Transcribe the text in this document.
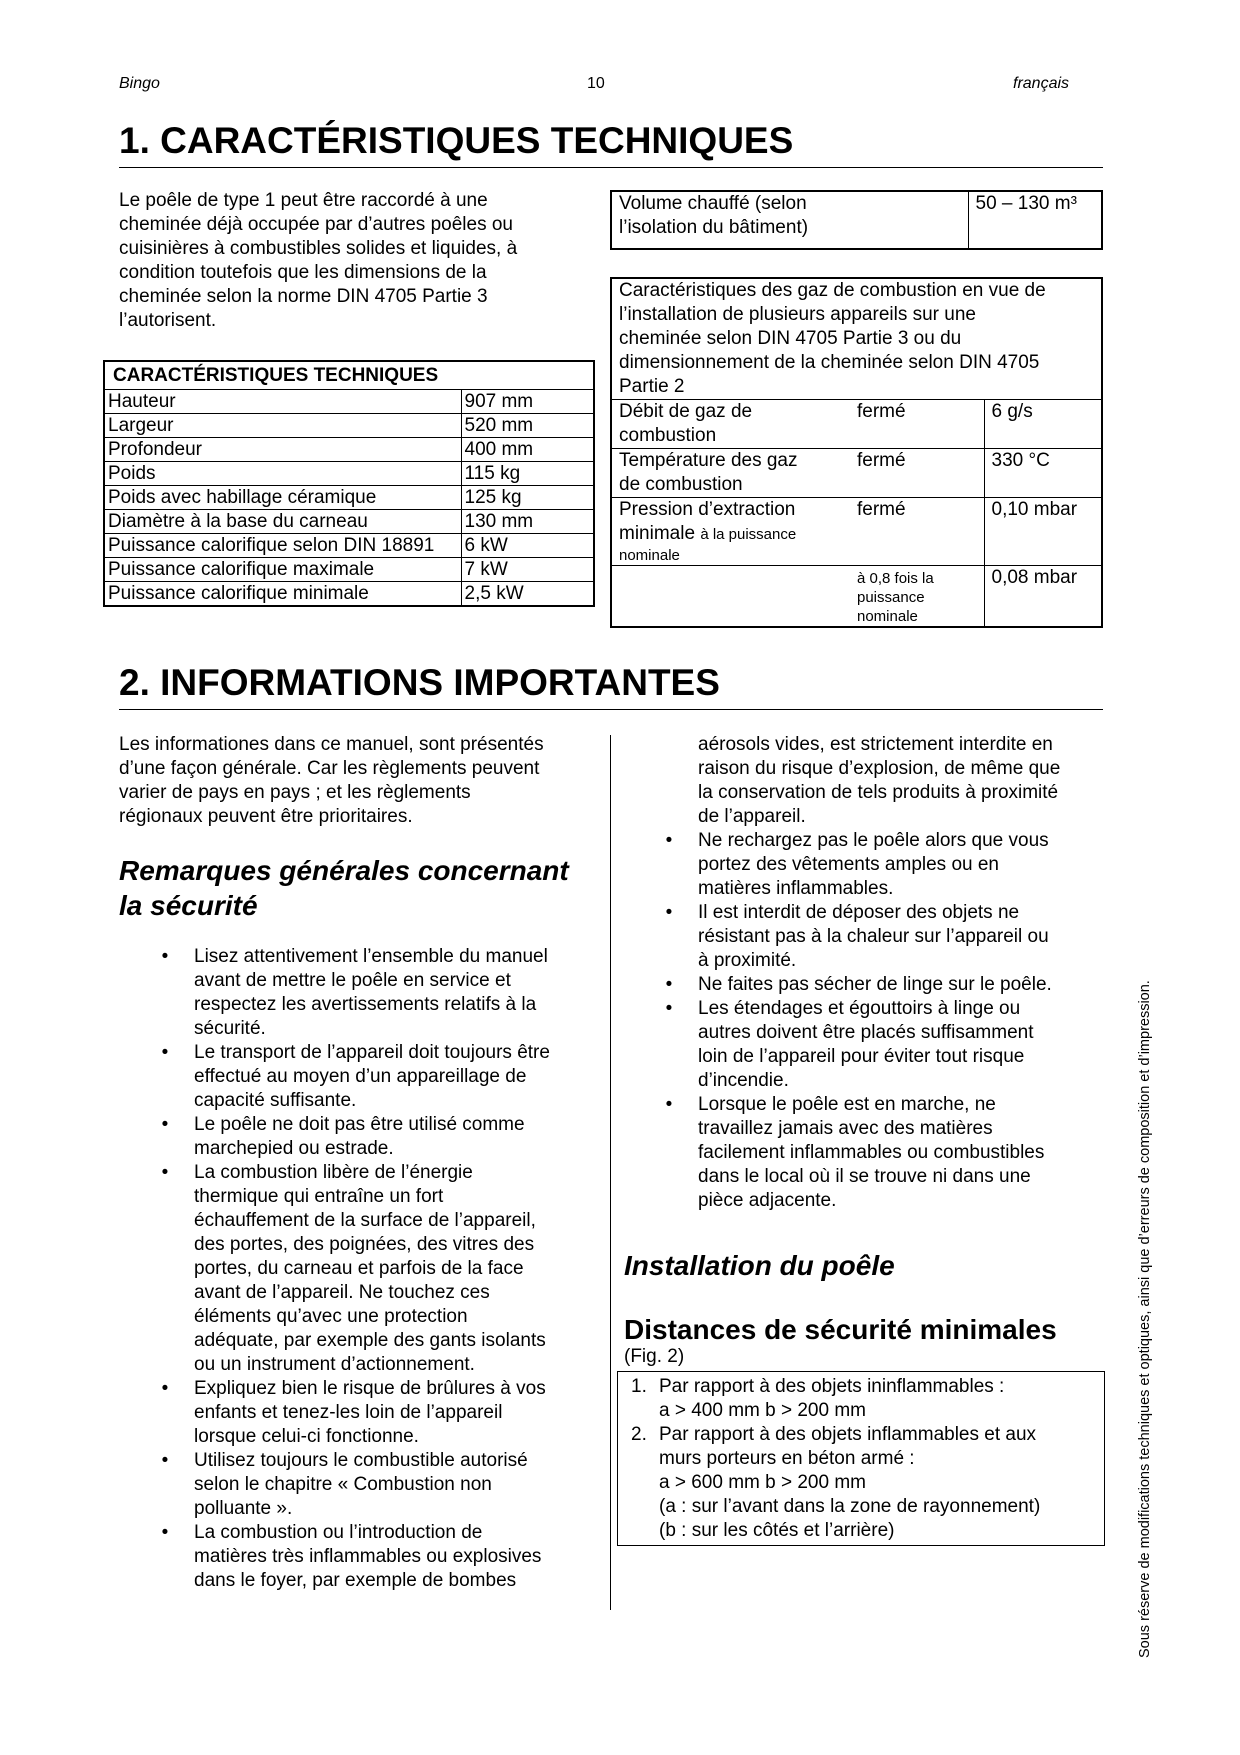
Bingo	10	français
1. CARACTÉRISTIQUES TECHNIQUES
Le poêle de type 1 peut être raccordé à une
cheminée déjà occupée par d’autres poêles ou
cuisinières à combustibles solides et liquides, à
condition toutefois que les dimensions de la
cheminée selon la norme DIN 4705 Partie 3
l’autorisent.
CARACTÉRISTIQUES TECHNIQUES	
Hauteur	907 mm
Largeur	520 mm
Profondeur	400 mm
Poids	115 kg
Poids avec habillage céramique	125 kg
Diamètre à la base du carneau	130 mm
Puissance calorifique selon DIN 18891	6 kW
Puissance calorifique maximale	7 kW
Puissance calorifique minimale	2,5 kW
Volume chauffé (selon
l’isolation du bâtiment)
	50 – 130 m³
Caractéristiques des gaz de combustion en vue de
l’installation de plusieurs appareils sur une
cheminée selon DIN 4705 Partie 3 ou du
dimensionnement de la cheminée selon DIN 4705
Partie 2		

Débit de gaz de
combustion	fermé	6 g/s

Température des gaz
de combustion	fermé	330 °C

Pression d’extraction
minimale à la puissance
nominale	fermé	0,10 mbar

	à 0,8 fois la
puissance
nominale	0,08 mbar
2. INFORMATIONS IMPORTANTES
Les informationes dans ce manuel, sont présentés
d’une façon générale. Car les règlements peuvent
varier de pays en pays ; et les règlements
régionaux peuvent être prioritaires.
Remarques générales concernant
la sécurité
• Lisez attentivement l’ensemble du manuel
avant de mettre le poêle en service et
respectez les avertissements relatifs à la
sécurité.
• Le transport de l’appareil doit toujours être
effectué au moyen d’un appareillage de
capacité suffisante.
• Le poêle ne doit pas être utilisé comme
marchepied ou estrade.
• La combustion libère de l’énergie
thermique qui entraîne un fort
échauffement de la surface de l’appareil,
des portes, des poignées, des vitres des
portes, du carneau et parfois de la face
avant de l’appareil. Ne touchez ces
éléments qu’avec une protection
adéquate, par exemple des gants isolants
ou un instrument d’actionnement.
• Expliquez bien le risque de brûlures à vos
enfants et tenez-les loin de l’appareil
lorsque celui-ci fonctionne.
• Utilisez toujours le combustible autorisé
selon le chapitre « Combustion non
polluante ».
• La combustion ou l’introduction de
matières très inflammables ou explosives
dans le foyer, par exemple de bombes
aérosols vides, est strictement interdite en
raison du risque d’explosion, de même que
la conservation de tels produits à proximité
de l’appareil.
• Ne rechargez pas le poêle alors que vous
portez des vêtements amples ou en
matières inflammables.
• Il est interdit de déposer des objets ne
résistant pas à la chaleur sur l’appareil ou
à proximité.
• Ne faites pas sécher de linge sur le poêle.
• Les étendages et égouttoirs à linge ou
autres doivent être placés suffisamment
loin de l’appareil pour éviter tout risque
d’incendie.
• Lorsque le poêle est en marche, ne
travaillez jamais avec des matières
facilement inflammables ou combustibles
dans le local où il se trouve ni dans une
pièce adjacente.
Installation du poêle
Distances de sécurité minimales
(Fig. 2)
1. Par rapport à des objets ininflammables :
a > 400 mm b > 200 mm
2. Par rapport à des objets inflammables et aux
murs porteurs en béton armé :
a > 600 mm b > 200 mm
(a : sur l’avant dans la zone de rayonnement)
(b : sur les côtés et l’arrière)	Sous réserve de modifications techniques et optiques, ainsi que d’erreurs de composition et d’impression.
